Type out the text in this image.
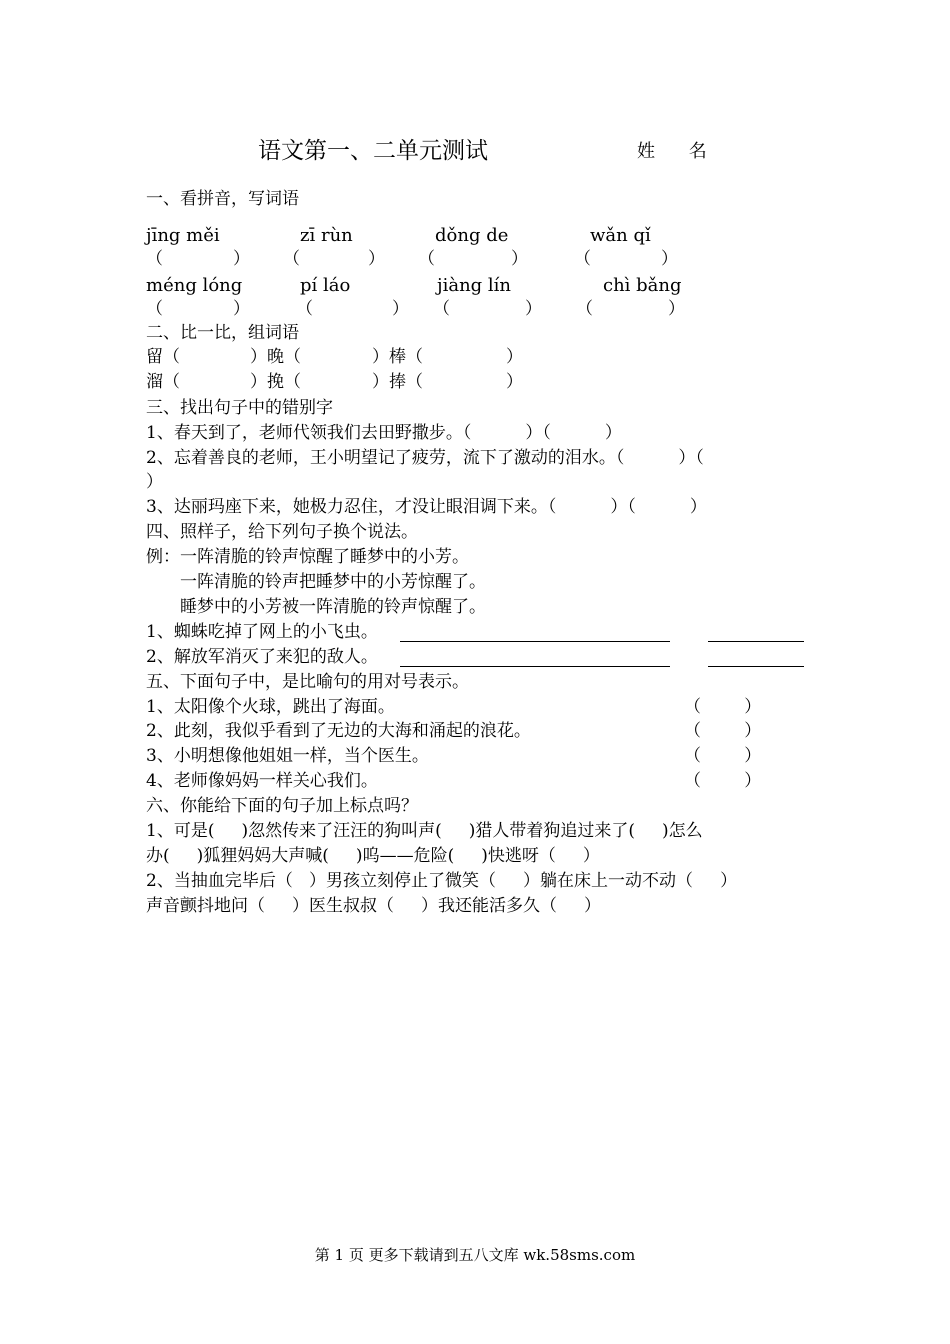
语文第一、二单元测试	姓 名
一、看拼音，写词语
jīng měi	zī rùn	dǒng de	wǎn qǐ
（	） （	） （	）	（	）
méng lóng	pí láo	jiàng lín	chì bǎng
（	）	（	） （	） （	）
二、比一比，组词语
留（	）晚（	）棒（	）
溜（	）挽（	）捧（	）
三、找出句子中的错别字
1、春天到了，老师代领我们去田野撒步。（          ）（          ）
2、忘着善良的老师，王小明望记了疲劳，流下了激动的泪水。（          ）（
）
3、达丽玛座下来，她极力忍住，才没让眼泪调下来。（          ）（          ）
四、照样子，给下列句子换个说法。
例：一阵清脆的铃声惊醒了睡梦中的小芳。
一阵清脆的铃声把睡梦中的小芳惊醒了。
睡梦中的小芳被一阵清脆的铃声惊醒了。
1、蜘蛛吃掉了网上的小飞虫。
2、解放军消灭了来犯的敌人。
五、下面句子中，是比喻句的用对号表示。
1、太阳像个火球，跳出了海面。	（        ）
2、此刻，我似乎看到了无边的大海和涌起的浪花。	（        ）
3、小明想像他姐姐一样，当个医生。	（        ）
4、老师像妈妈一样关心我们。	（        ）
六、你能给下面的句子加上标点吗？
1、可是(     )忽然传来了汪汪的狗叫声(     )猎人带着狗追过来了(     )怎么
办(     )狐狸妈妈大声喊(     )呜——危险(     )快逃呀（     ）
2、当抽血完毕后（   ）男孩立刻停止了微笑（     ）躺在床上一动不动（     ）
声音颤抖地问（     ）医生叔叔（     ）我还能活多久（     ）
第 1 页 更多下载请到五八文库 wk.58sms.com
